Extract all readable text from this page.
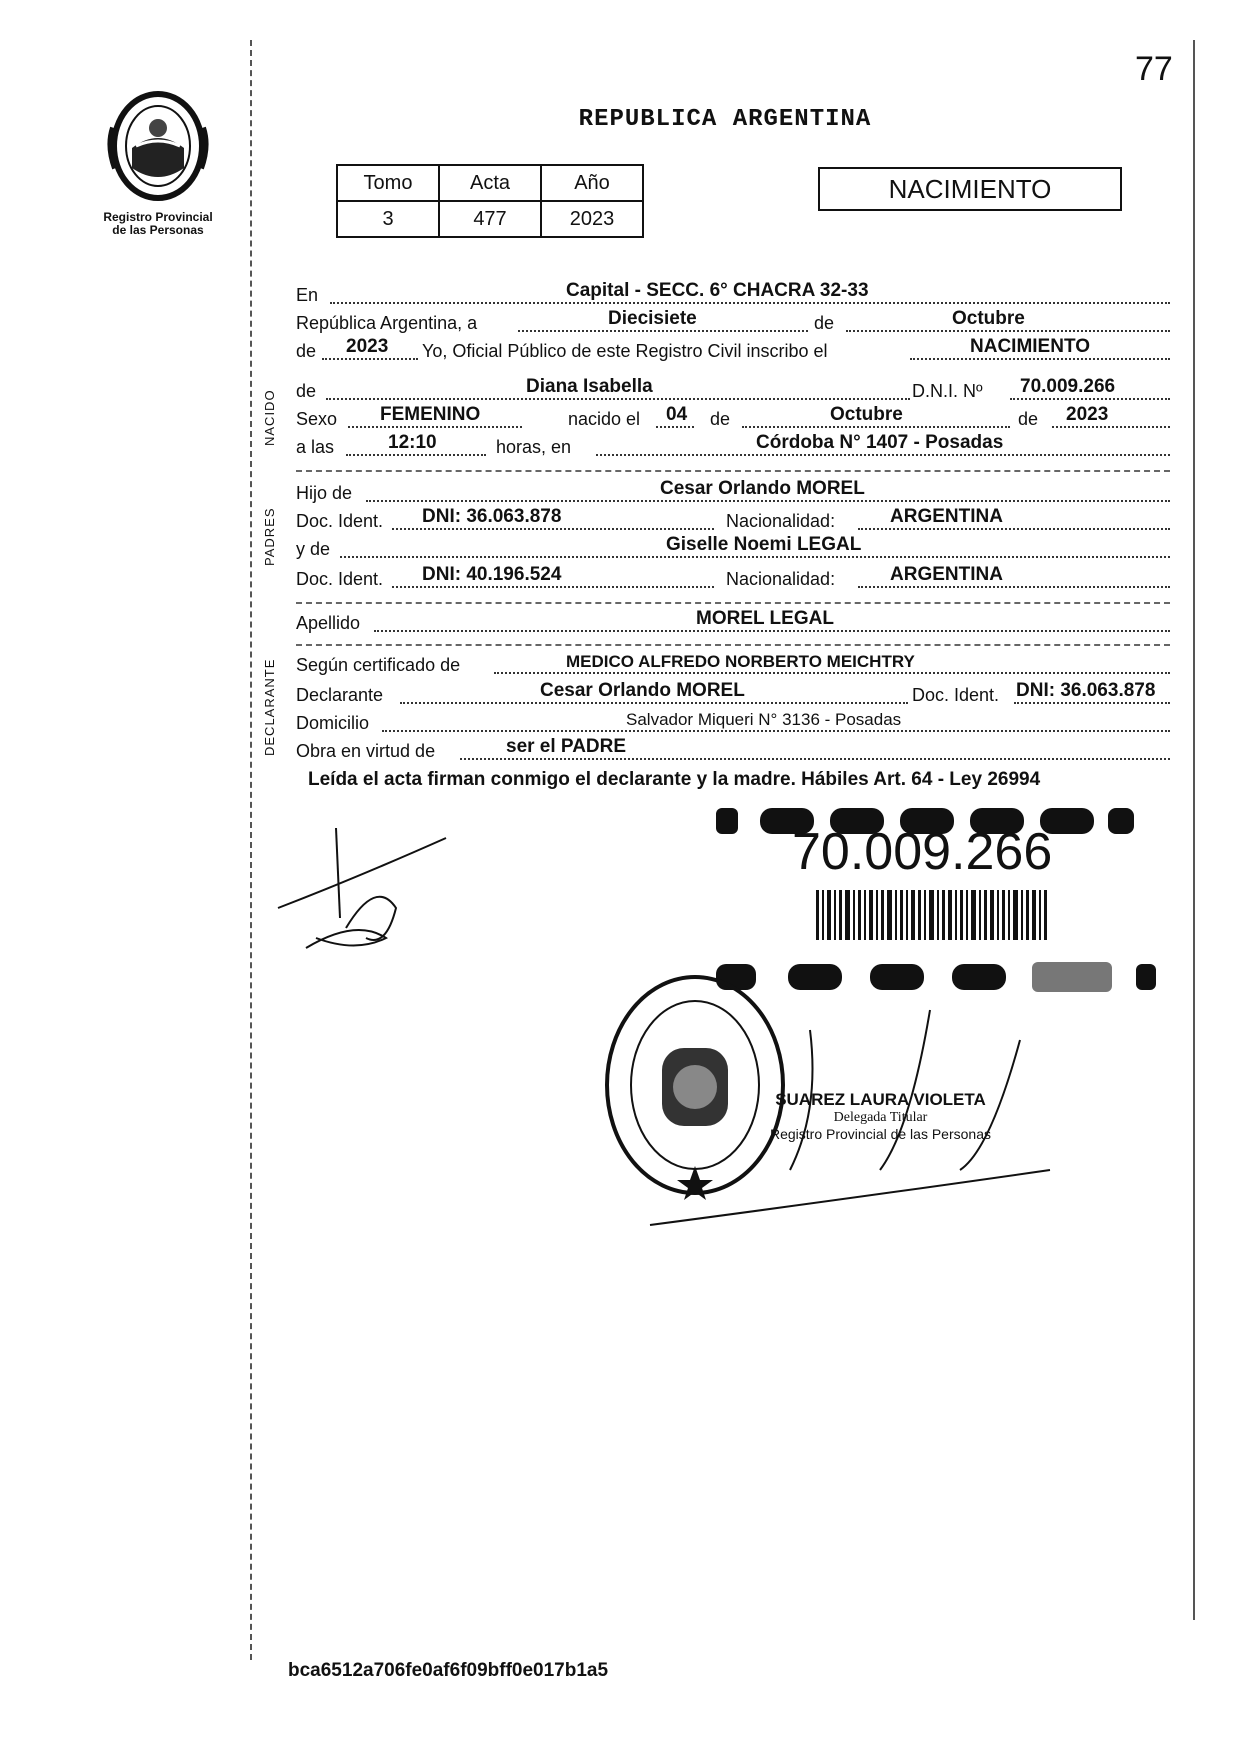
77
REPUBLICA ARGENTINA
Registro Provincial
de las Personas
Tomo	Acta	Año
3	477	2023
NACIMIENTO
En	Capital - SECC. 6° CHACRA 32-33
República Argentina, a	Diecisiete	de	Octubre
de 2023 Yo, Oficial Público de este Registro Civil inscribo el	NACIMIENTO
NACIDO de	Diana Isabella	D.N.I. Nº 70.009.266
Sexo FEMENINO	nacido el 04 de	Octubre	de 2023
a las	12:10	horas, en	Córdoba N° 1407 - Posadas
PADRES
Hijo de	Cesar Orlando MOREL
Doc. Ident. DNI: 36.063.878	Nacionalidad:	ARGENTINA
y de	Giselle Noemi LEGAL
Doc. Ident. DNI: 40.196.524	Nacionalidad:	ARGENTINA
Apellido	MOREL LEGAL
DECLARANTE Según certificado de	MEDICO ALFREDO NORBERTO MEICHTRY
Declarante	Cesar Orlando MOREL	Doc. Ident. DNI: 36.063.878
Domicilio	Salvador Miqueri N° 3136 - Posadas
Obra en virtud de	ser el PADRE
Leída el acta firman conmigo el declarante y la madre. Hábiles Art. 64 - Ley 26994
70.009.266
SUAREZ LAURA VIOLETA
Delegada Titular
Registro Provincial de las Personas
bca6512a706fe0af6f09bff0e017b1a5
